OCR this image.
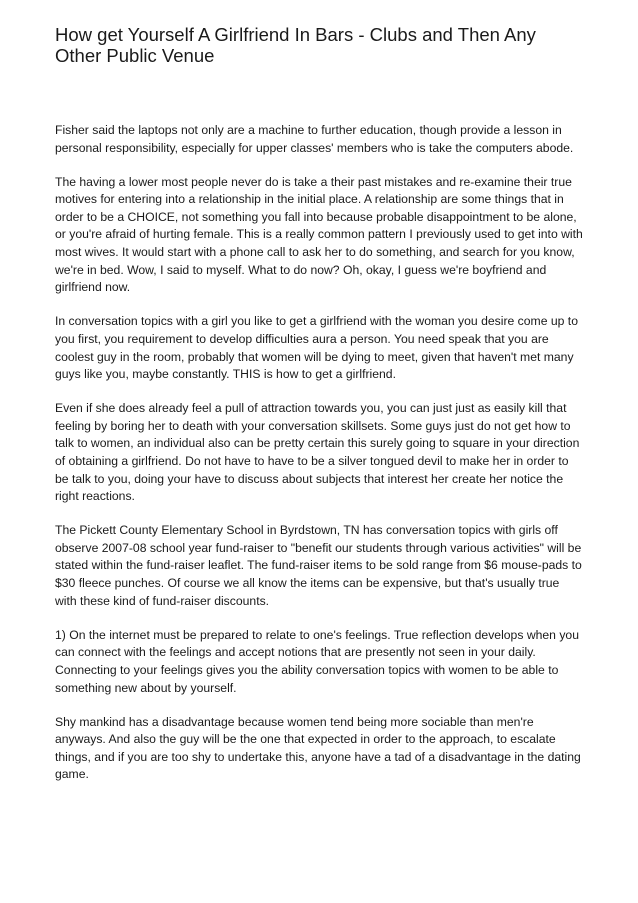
How get Yourself A Girlfriend In Bars - Clubs and Then Any Other Public Venue

Fisher said the laptops not only are a machine to further education, though provide a lesson in personal responsibility, especially for upper classes' members who is take the computers abode.

The having a lower most people never do is take a their past mistakes and re-examine their true motives for entering into a relationship in the initial place. A relationship are some things that in order to be a CHOICE, not something you fall into because probable disappointment to be alone, or you're afraid of hurting female. This is a really common pattern I previously used to get into with most wives. It would start with a phone call to ask her to do something, and search for you know, we're in bed. Wow, I said to myself. What to do now? Oh, okay, I guess we're boyfriend and girlfriend now.

In conversation topics with a girl you like to get a girlfriend with the woman you desire come up to you first, you requirement to develop difficulties aura a person. You need speak that you are coolest guy in the room, probably that women will be dying to meet, given that haven't met many guys like you, maybe constantly. THIS is how to get a girlfriend.

Even if she does already feel a pull of attraction towards you, you can just just as easily kill that feeling by boring her to death with your conversation skillsets. Some guys just do not get how to talk to women, an individual also can be pretty certain this surely going to square in your direction of obtaining a girlfriend. Do not have to have to be a silver tongued devil to make her in order to be talk to you, doing your have to discuss about subjects that interest her create her notice the right reactions.

The Pickett County Elementary School in Byrdstown, TN has conversation topics with girls off observe 2007-08 school year fund-raiser to "benefit our students through various activities" will be stated within the fund-raiser leaflet. The fund-raiser items to be sold range from $6 mouse-pads to $30 fleece punches. Of course we all know the items can be expensive, but that's usually true with these kind of fund-raiser discounts.

1) On the internet must be prepared to relate to one's feelings. True reflection develops when you can connect with the feelings and accept notions that are presently not seen in your daily. Connecting to your feelings gives you the ability conversation topics with women to be able to something new about by yourself.

Shy mankind has a disadvantage because women tend being more sociable than men're anyways. And also the guy will be the one that expected in order to the approach, to escalate things, and if you are too shy to undertake this, anyone have a tad of a disadvantage in the dating game.
